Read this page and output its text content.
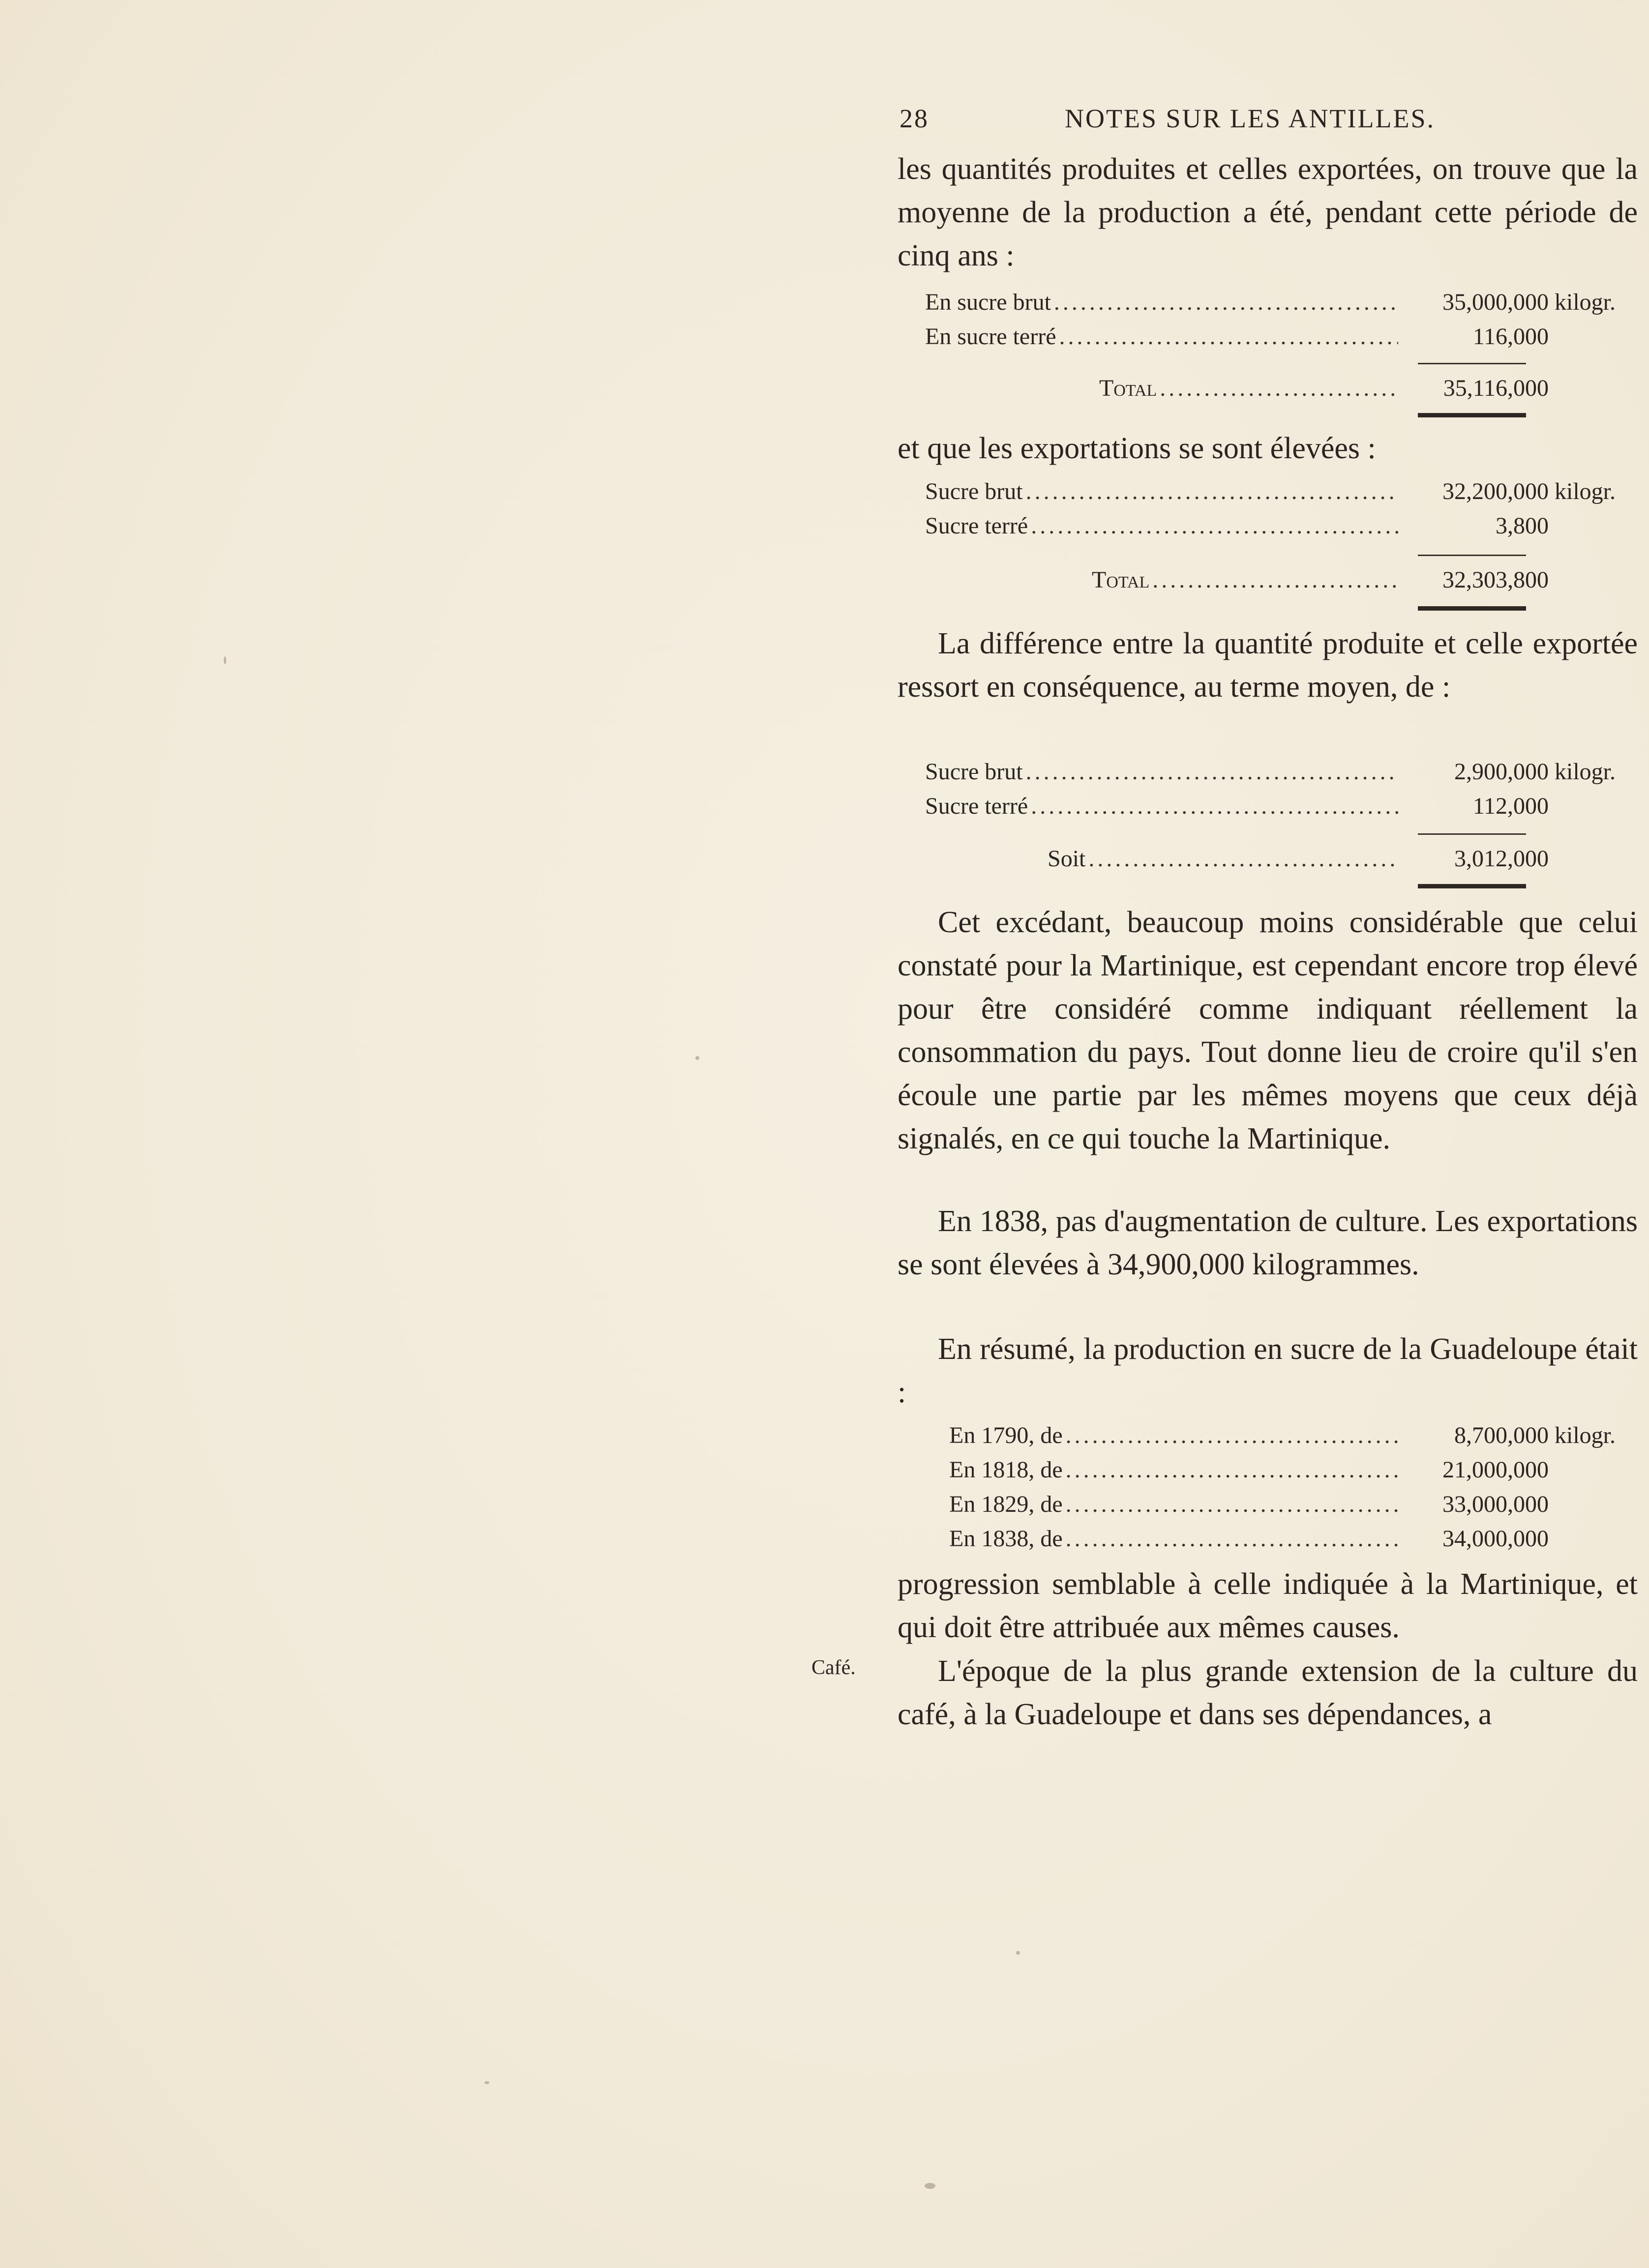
Café.
28	NOTES SUR LES ANTILLES.

les quantités produites et celles exportées, on trouve que la moyenne de la production a été, pendant cette période de cinq ans :

En sucre brut .....	35,000,000 kilogr.
En sucre terré .....	116,000
Total .....	35,116,000

et que les exportations se sont élevées :

Sucre brut .....	32,200,000 kilogr.
Sucre terré .....	3,800
Total .....	32,303,800

La différence entre la quantité produite et celle exportée ressort en conséquence, au terme moyen, de :

Sucre brut .....	2,900,000 kilogr.
Sucre terré .....	112,000
Soit .....	3,012,000

Cet excédant, beaucoup moins considérable que celui constaté pour la Martinique, est cependant encore trop élevé pour être considéré comme indiquant réellement la consommation du pays. Tout donne lieu de croire qu'il s'en écoule une partie par les mêmes moyens que ceux déjà signalés, en ce qui touche la Martinique.

En 1838, pas d'augmentation de culture. Les exportations se sont élevées à 34,900,000 kilogrammes.

En résumé, la production en sucre de la Guadeloupe était :

En 1790, de .....	8,700,000 kilogr.
En 1818, de .....	21,000,000
En 1829, de .....	33,000,000
En 1838, de .....	34,000,000

progression semblable à celle indiquée à la Martinique, et qui doit être attribuée aux mêmes causes.

L'époque de la plus grande extension de la culture du café, à la Guadeloupe et dans ses dépendances, a
